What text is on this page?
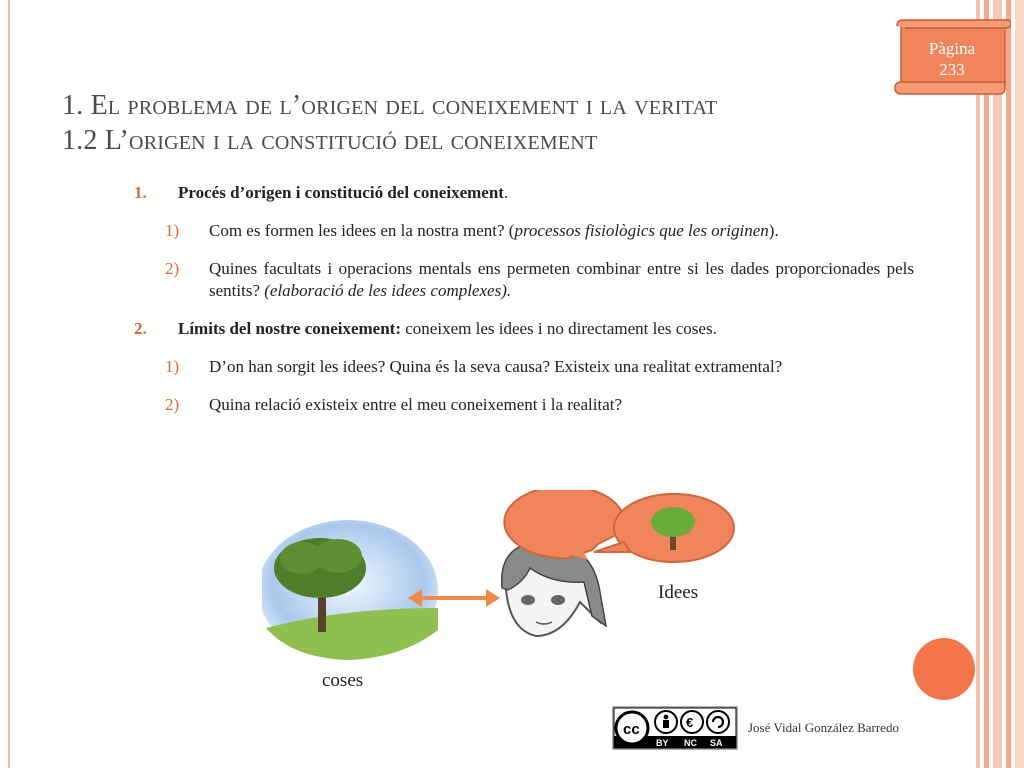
Pàgina
233
1. El problema de l’origen del coneixement i la veritat
1.2 L’origen i la constitució del coneixement
1. Procés d’origen i constitució del coneixement.
1) Com es formen les idees en la nostra ment? (processos fisiològics que les originen).
2) Quines facultats i operacions mentals ens permeten combinar entre si les dades proporcionades pels sentits? (elaboració de les idees complexes).
2. Límits del nostre coneixement: coneixem les idees i no directament les coses.
1) D’on han sorgit les idees? Quina és la seva causa? Existeix una realitat extramental?
2) Quina relació existeix entre el meu coneixement i la realitat?
coses
Idees
cc	€
BY NC SA
José Vidal González Barredo
